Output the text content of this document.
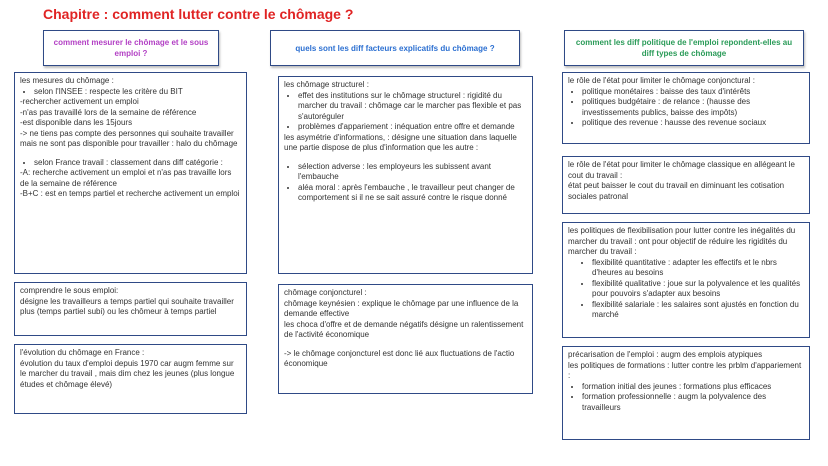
Chapitre : comment lutter contre le chômage ?
comment mesurer le chômage et le sous emploi ?
quels sont les diff facteurs explicatifs du chômage ?
comment les diff politique de l'emploi repondent-elles au diff types de chômage

les mesures du chômage :

• selon l'INSEE : respecte les critère du BIT

-rechercher activement un emploi

-n'as pas travaillé lors de la semaine de référence

-est disponible dans les 15jours

-> ne tiens pas compte des personnes qui souhaite travailler mais ne sont pas disponible pour travailler : halo du chômage

• selon France travail : classement dans diff catégorie :

-A: recherche activement un emploi et n'as pas travaille lors de la semaine de référence

-B+C : est en temps partiel et recherche activement un emploi

comprendre le sous emploi:

désigne les travailleurs a temps partiel qui souhaite travailler plus (temps partiel subi) ou les chômeur à temps partiel

l'évolution du chômage en France :

évolution du taux d'emploi depuis 1970 car augm femme sur le marcher du travail , mais dim chez les jeunes (plus longue études et chômage élevé)

les chômage structurel :

• effet des institutions sur le chômage structurel : rigidité du marcher du travail : chômage car le marcher pas flexible et pas s'autoréguler
• problèmes d'appariement : inéquation entre offre et demande

les asymétrie d'informations, : désigne une situation dans laquelle une partie dispose de plus d'information que les autre :

• sélection adverse : les employeurs les subissent avant l'embauche
• aléa moral : après l'embauche , le travailleur peut changer de comportement si il ne se sait assuré contre le risque donné

chômage conjoncturel :

chômage keynésien : explique le chômage par une influence de la demande effective

les choca d'offre et de demande négatifs désigne un ralentissement de l'activité économique

-> le chômage conjoncturel est donc lié aux fluctuations de l'actio économique

le rôle de l'état pour limiter le chômage conjonctural :

• politique monétaires : baisse des taux d'intérêts
• politiques budgétaire : de relance : (hausse des investissements publics, baisse des impôts)
• politique des revenue : hausse des revenue sociaux

le rôle de l'état pour limiter le chômage classique en allégeant le cout du travail :

état peut baisser le cout du travail en diminuant les cotisation sociales patronal

les politiques de flexibilisation pour lutter contre les inégalités du marcher du travail : ont pour objectif de réduire les rigidités du marcher du travail :

• flexibilité quantitative : adapter les effectifs et le nbrs d'heures au besoins
• flexibilité qualitative : joue sur la polyvalence et les qualités pour pouvoirs s'adapter aux besoins
• flexibilité salariale : les salaires sont ajustés en fonction du marché

précarisation de l'emploi : augm des emplois atypiques

les politiques de formations : lutter contre les prblm d'appariement :

• formation initial des jeunes : formations plus efficaces
• formation professionnelle : augm la polyvalence des travailleurs
